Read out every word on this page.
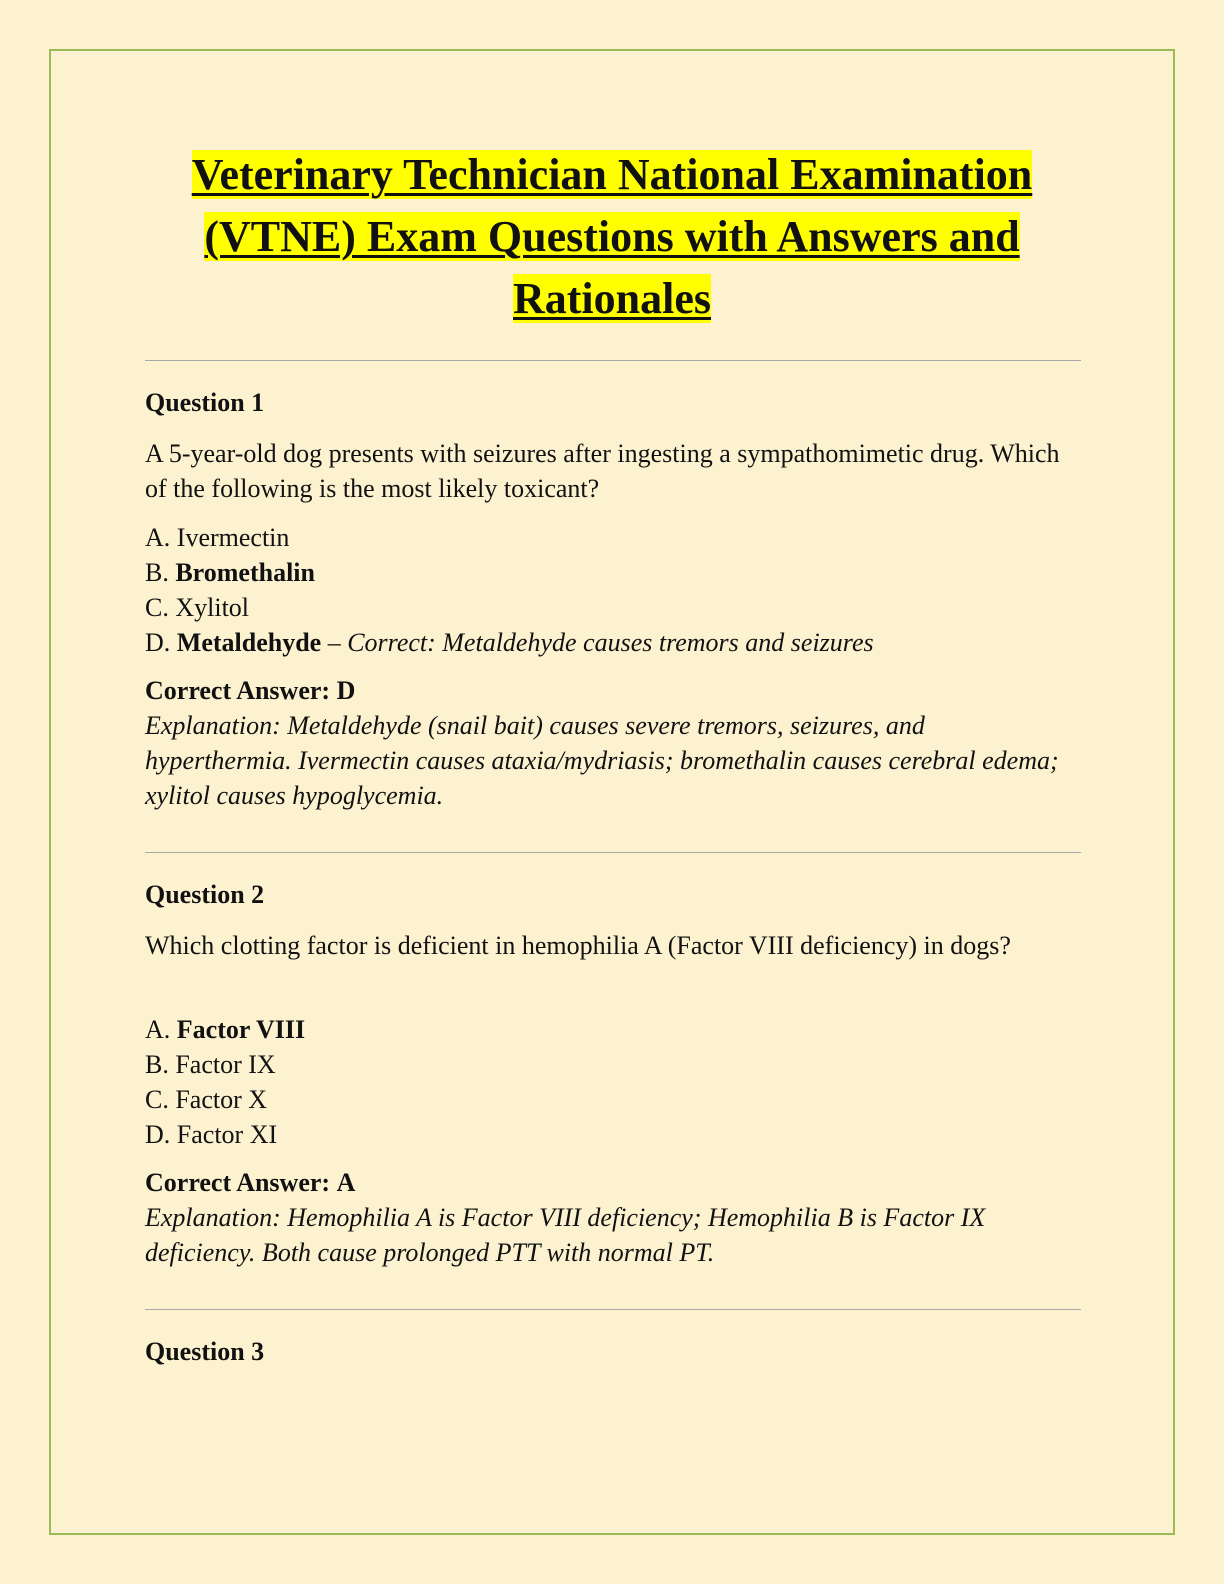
Veterinary Technician National Examination (VTNE) Exam Questions with Answers and Rationales
Question 1
A 5-year-old dog presents with seizures after ingesting a sympathomimetic drug. Which of the following is the most likely toxicant?
A. Ivermectin
B. Bromethalin
C. Xylitol
D. Metaldehyde – Correct: Metaldehyde causes tremors and seizures
Correct Answer: D
Explanation: Metaldehyde (snail bait) causes severe tremors, seizures, and hyperthermia. Ivermectin causes ataxia/mydriasis; bromethalin causes cerebral edema; xylitol causes hypoglycemia.
Question 2
Which clotting factor is deficient in hemophilia A (Factor VIII deficiency) in dogs?
A. Factor VIII
B. Factor IX
C. Factor X
D. Factor XI
Correct Answer: A
Explanation: Hemophilia A is Factor VIII deficiency; Hemophilia B is Factor IX deficiency. Both cause prolonged PTT with normal PT.
Question 3
